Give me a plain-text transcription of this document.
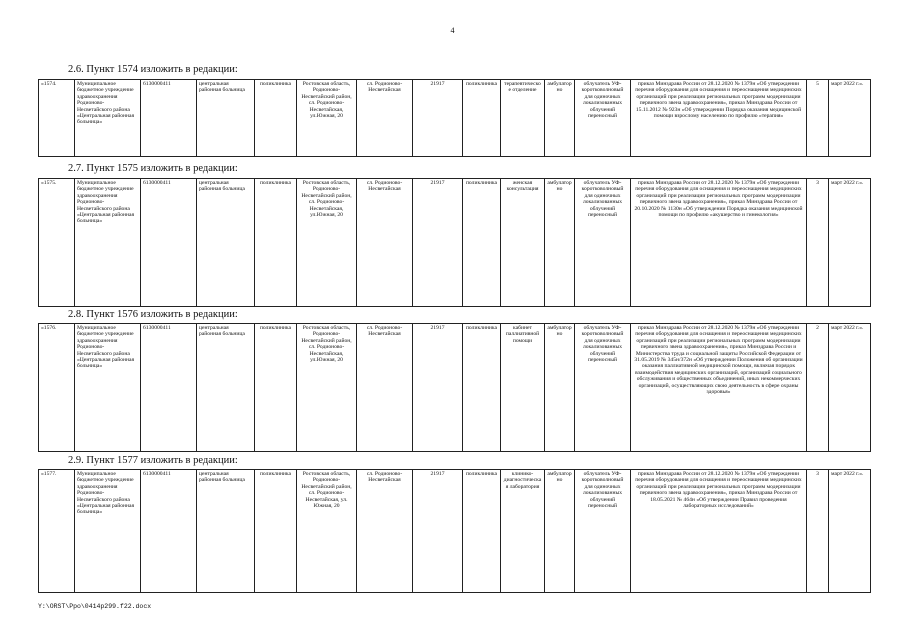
4
2.6. Пункт 1574 изложить в редакции:
«1574.	Муниципальное бюджетное учреждение здравоохранения Родионово-Несветайского района «Центральная районная больница»	6130000411	центральная районная больница	поликлиника	Ростовская область, Родионово-Несветайский район, сл. Родионово-Несветайская, ул.Южная, 20	сл. Родионово-Несветайская	21917	поликлиника	терапевтическое отделение	амбулаторно	облучатель УФ-коротковолновый для одиночных локализованных облучений переносный	приказ Минздрава России от 28.12.2020 № 1379н «Об утверждении перечня оборудования для оснащения и переоснащения медицинских организаций при реализации региональных программ модернизации первичного звена здравоохранения», приказ Минздрава России от 15.11.2012 № 923н «Об утверждении Порядка оказания медицинской помощи взрослому населению по профилю «терапия»	5	март 2022 г.».
2.7. Пункт 1575 изложить в редакции:
«1575.	Муниципальное бюджетное учреждение здравоохранения Родионово-Несветайского района «Центральная районная больница»	6130000411	центральная районная больница	поликлиника	Ростовская область, Родионово-Несветайский район, сл. Родионово-Несветайская, ул.Южная, 20	сл. Родионово-Несветайская	21917	поликлиника	женская консультация	амбулаторно	облучатель УФ-коротковолновый для одиночных локализованных облучений переносный	приказ Минздрава России от 28.12.2020 № 1379н «Об утверждении перечня оборудования для оснащения и переоснащения медицинских организаций при реализации региональных программ модернизации первичного звена здравоохранения», приказ Минздрава России от 20.10.2020 № 1130н «Об утверждении Порядка оказания медицинской помощи по профилю «акушерство и гинекология»	3	март 2022 г.».
2.8. Пункт 1576 изложить в редакции:
«1576.	Муниципальное бюджетное учреждение здравоохранения Родионово-Несветайского района «Центральная районная больница»	6130000411	центральная районная больница	поликлиника	Ростовская область, Родионово-Несветайский район, сл. Родионово-Несветайская, ул.Южная, 20	сл. Родионово-Несветайская	21917	поликлиника	кабинет паллиативной помощи	амбулаторно	облучатель УФ-коротковолновый для одиночных локализованных облучений переносный	приказ Минздрава России от 28.12.2020 № 1379н «Об утверждении перечня оборудования для оснащения и переоснащения медицинских организаций при реализации региональных программ модернизации первичного звена здравоохранения», приказ Минздрава России и Министерства труда и социальной защиты Российской Федерации от 31.05.2019 № 345н/372н «Об утверждении Положения об организации оказания паллиативной медицинской помощи, включая порядок взаимодействия медицинских организаций, организаций социального обслуживания и общественных объединений, иных некоммерческих организаций, осуществляющих свою деятельность в сфере охраны здоровья»	2	март 2022 г.».
2.9. Пункт 1577 изложить в редакции:
«1577.	Муниципальное бюджетное учреждение здравоохранения Родионово-Несветайского района «Центральная районная больница»	6130000411	центральная районная больница	поликлиника	Ростовская область, Родионово-Несветайский район, сл. Родионово-Несветайская, ул. Южная, 20	сл. Родионово-Несветайская	21917	поликлиника	клинико-диагностическая лаборатория	амбулаторно	облучатель УФ-коротковолновый для одиночных локализованных облучений переносный	приказ Минздрава России от 28.12.2020 № 1379н «Об утверждении перечня оборудования для оснащения и переоснащения медицинских организаций при реализации региональных программ модернизации первичного звена здравоохранения», приказ Минздрава России от 18.05.2021 № 464н «Об утверждении Правил проведения лабораторных исследований»	3	март 2022 г.».
Y:\ORST\Ppo\0414p299.f22.docx
